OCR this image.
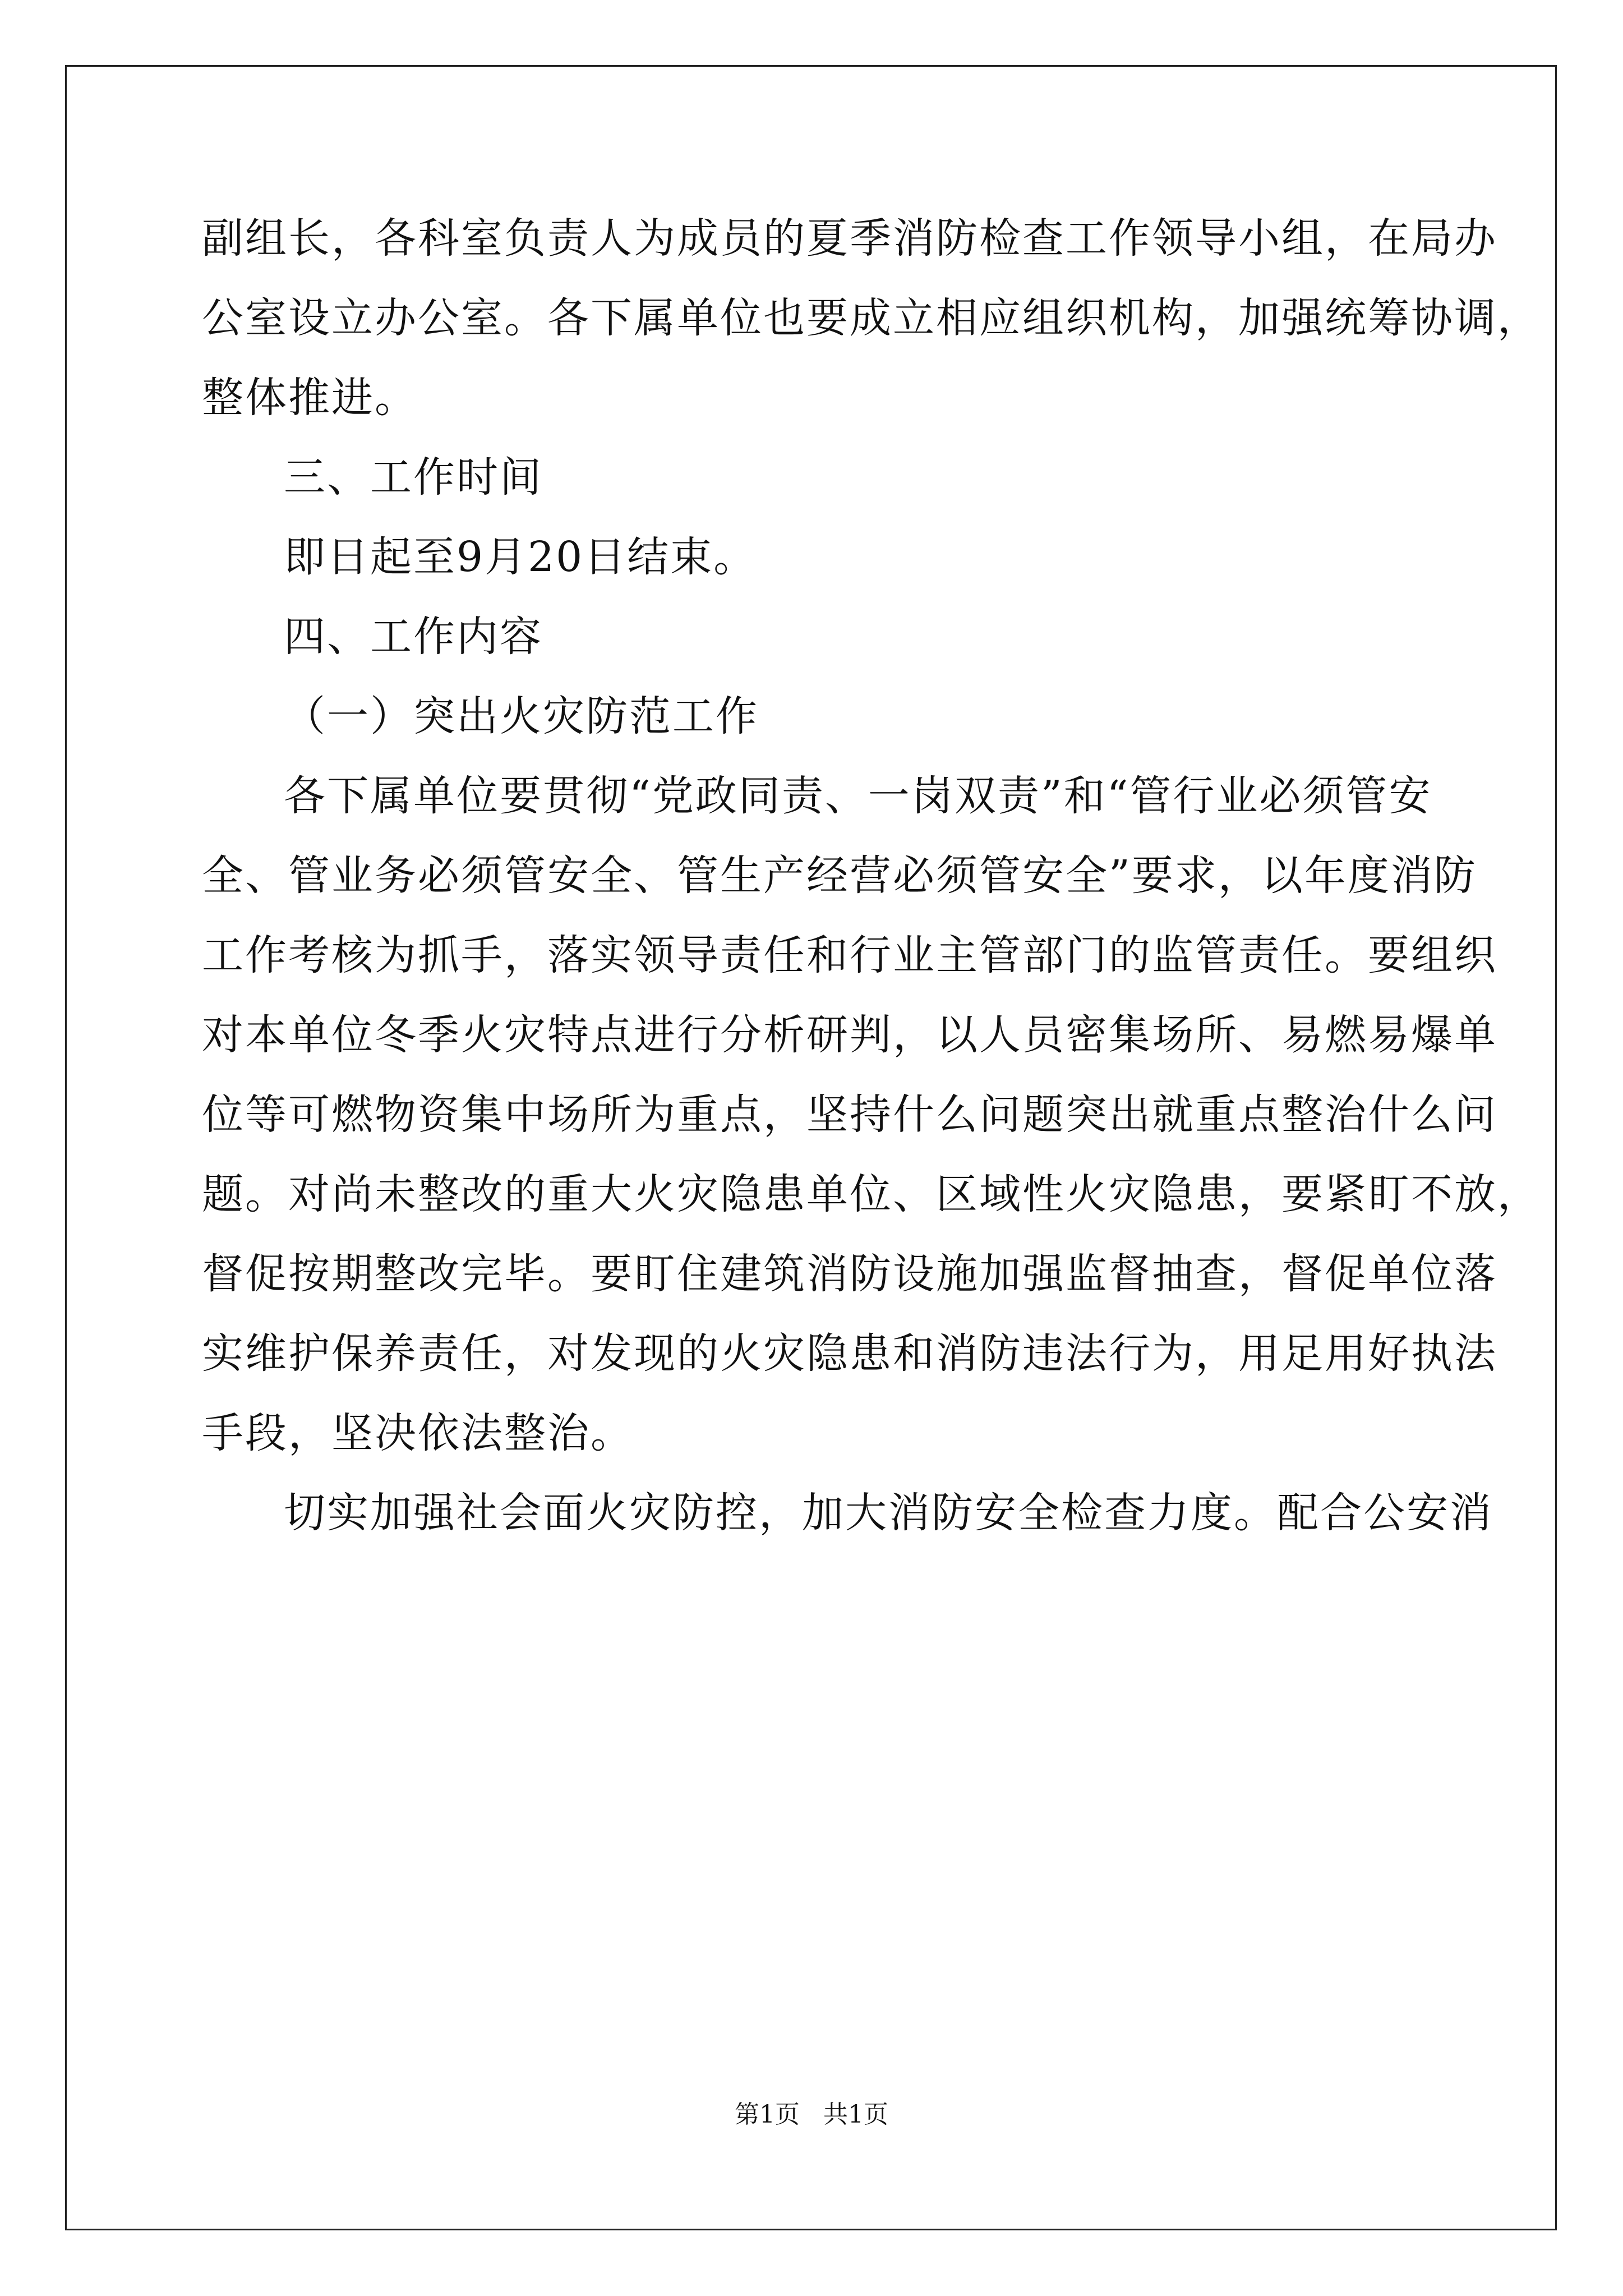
副组长，各科室负责人为成员的夏季消防检查工作领导小组，在局办
公室设立办公室。各下属单位也要成立相应组织机构，加强统筹协调，
整体推进。
三、工作时间
即日起至9月20日结束。
四、工作内容
（一）突出火灾防范工作
各下属单位要贯彻“党政同责、一岗双责”和“管行业必须管安
全、管业务必须管安全、管生产经营必须管安全”要求，以年度消防
工作考核为抓手，落实领导责任和行业主管部门的监管责任。要组织
对本单位冬季火灾特点进行分析研判，以人员密集场所、易燃易爆单
位等可燃物资集中场所为重点，坚持什么问题突出就重点整治什么问
题。对尚未整改的重大火灾隐患单位、区域性火灾隐患，要紧盯不放，
督促按期整改完毕。要盯住建筑消防设施加强监督抽查，督促单位落
实维护保养责任，对发现的火灾隐患和消防违法行为，用足用好执法
手段，坚决依法整治。
切实加强社会面火灾防控，加大消防安全检查力度。配合公安消
第1页   共1页
